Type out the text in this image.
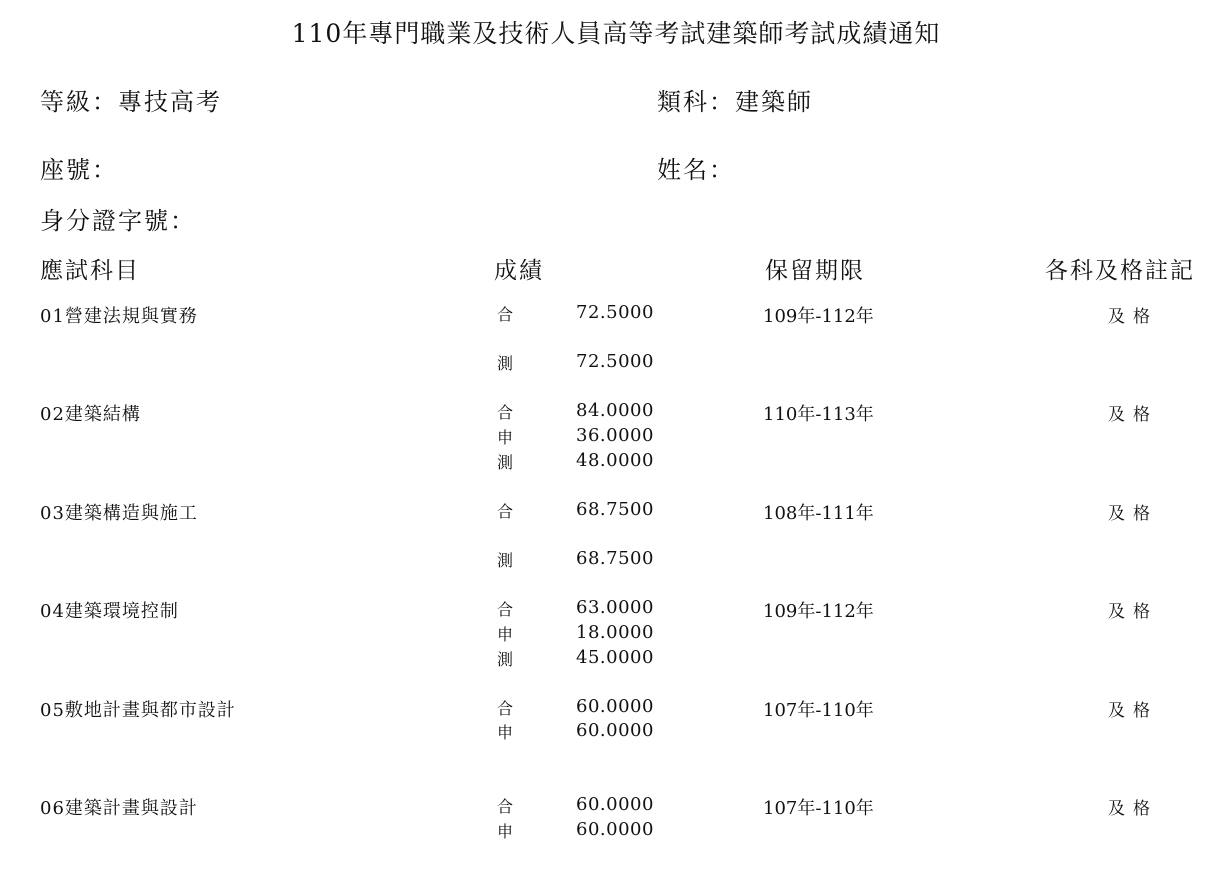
110年專門職業及技術人員高等考試建築師考試成績通知
等級：專技高考	類科：建築師
座號：	姓名：
身分證字號：
應試科目	成績	保留期限	各科及格註記
01營建法規與實務	109年-112年	及格
合	72.5000
測	72.5000
02建築結構	110年-113年	及格
合	84.0000
申	36.0000
測	48.0000
03建築構造與施工	108年-111年	及格
合	68.7500
測	68.7500
04建築環境控制	109年-112年	及格
合	63.0000
申	18.0000
測	45.0000
05敷地計畫與都市設計	107年-110年	及格
合	60.0000
申	60.0000
06建築計畫與設計	107年-110年	及格
合	60.0000
申	60.0000
